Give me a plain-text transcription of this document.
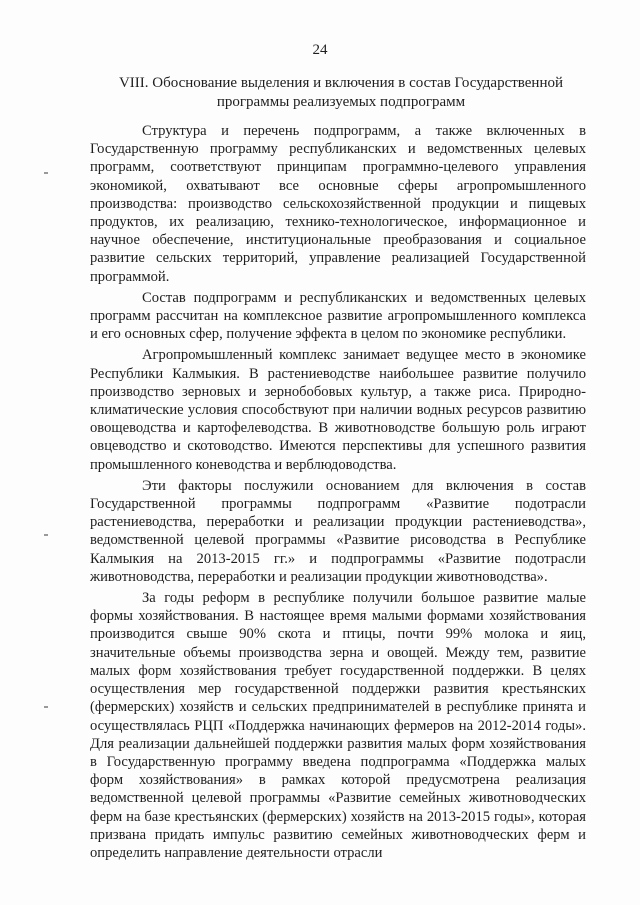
24
VIII. Обоснование выделения и включения в состав Государственной программы реализуемых подпрограмм

Структура и перечень подпрограмм, а также включенных в Государственную программу республиканских и ведомственных целевых программ, соответствуют принципам программно-целевого управления экономикой, охватывают все основные сферы агропромышленного производства: производство сельскохозяйственной продукции и пищевых продуктов, их реализацию, технико-технологическое, информационное и научное обеспечение, институциональные преобразования и социальное развитие сельских территорий, управление реализацией Государственной программой.

Состав подпрограмм и республиканских и ведомственных целевых программ рассчитан на комплексное развитие агропромышленного комплекса и его основных сфер, получение эффекта в целом по экономике республики.

Агропромышленный комплекс занимает ведущее место в экономике Республики Калмыкия. В растениеводстве наибольшее развитие получило производство зерновых и зернобобовых культур, а также риса. Природно-климатические условия способствуют при наличии водных ресурсов развитию овощеводства и картофелеводства. В животноводстве большую роль играют овцеводство и скотоводство. Имеются перспективы для успешного развития промышленного коневодства и верблюдоводства.

Эти факторы послужили основанием для включения в состав Государственной программы подпрограмм «Развитие подотрасли растениеводства, переработки и реализации продукции растениеводства», ведомственной целевой программы «Развитие рисоводства в Республике Калмыкия на 2013-2015 гг.» и подпрограммы «Развитие подотрасли животноводства, переработки и реализации продукции животноводства».

За годы реформ в республике получили большое развитие малые формы хозяйствования. В настоящее время малыми формами хозяйствования производится свыше 90% скота и птицы, почти 99% молока и яиц, значительные объемы производства зерна и овощей. Между тем, развитие малых форм хозяйствования требует государственной поддержки. В целях осуществления мер государственной поддержки развития крестьянских (фермерских) хозяйств и сельских предпринимателей в республике принята и осуществлялась РЦП «Поддержка начинающих фермеров на 2012-2014 годы». Для реализации дальнейшей поддержки развития малых форм хозяйствования в Государственную программу введена подпрограмма «Поддержка малых форм хозяйствования» в рамках которой предусмотрена реализация ведомственной целевой программы «Развитие семейных животноводческих ферм на базе крестьянских (фермерских) хозяйств на 2013-2015 годы», которая призвана придать импульс развитию семейных животноводческих ферм и определить направление деятельности отрасли
